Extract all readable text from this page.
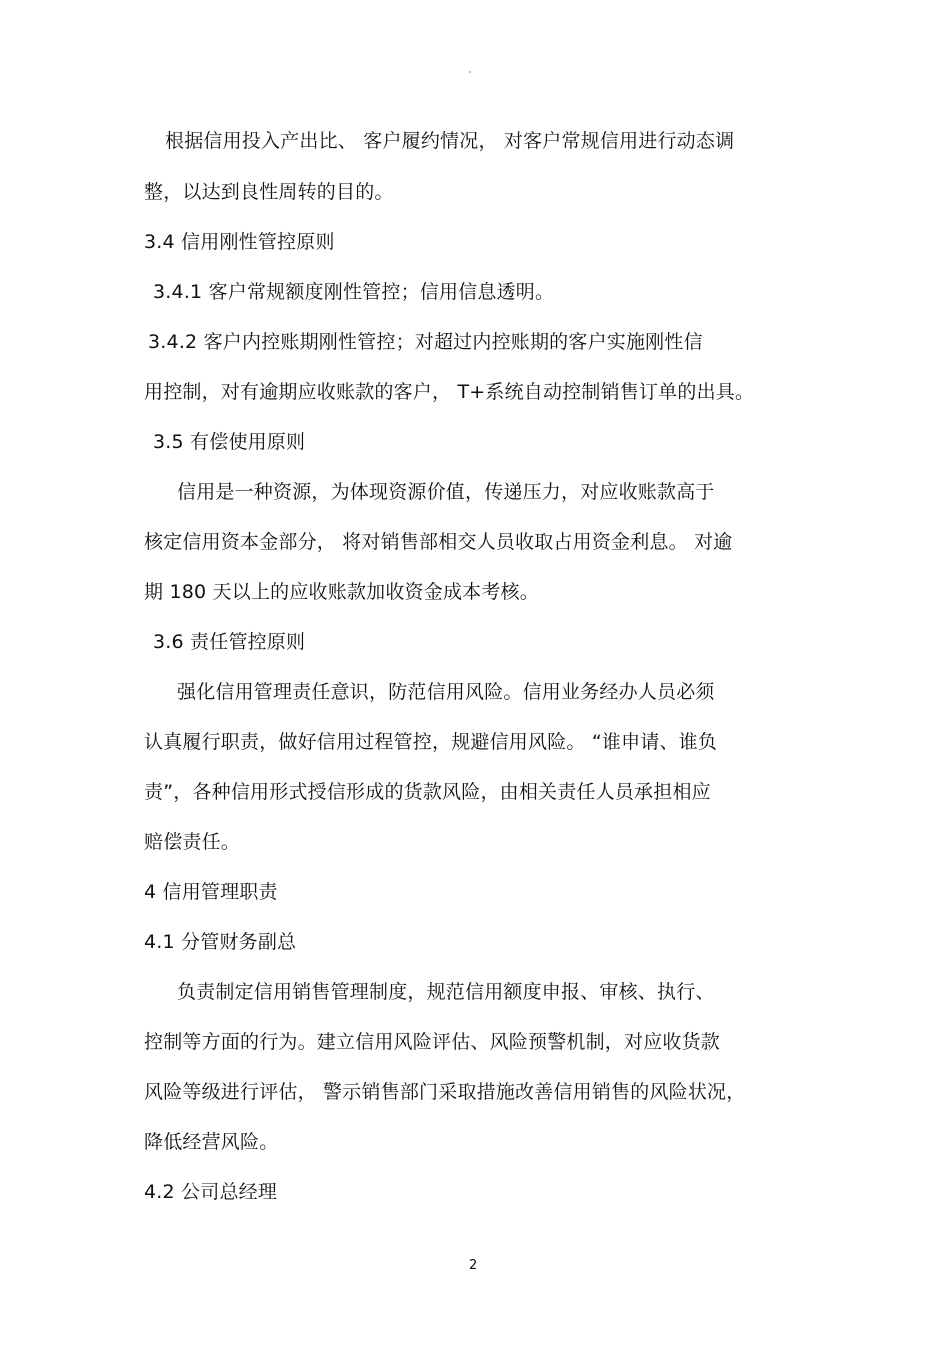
"
根据信用投入产出比、 客户履约情况， 对客户常规信用进行动态调
整，以达到良性周转的目的。
3.4 信用刚性管控原则
3.4.1 客户常规额度刚性管控；信用信息透明。
3.4.2 客户内控账期刚性管控；对超过内控账期的客户实施刚性信
用控制，对有逾期应收账款的客户， T+系统自动控制销售订单的出具。
3.5 有偿使用原则
信用是一种资源，为体现资源价值，传递压力，对应收账款高于
核定信用资本金部分， 将对销售部相交人员收取占用资金利息。 对逾
期 180 天以上的应收账款加收资金成本考核。
3.6 责任管控原则
强化信用管理责任意识，防范信用风险。信用业务经办人员必须
认真履行职责，做好信用过程管控，规避信用风险。 “谁申请、谁负
责”，各种信用形式授信形成的货款风险，由相关责任人员承担相应
赔偿责任。
4 信用管理职责
4.1 分管财务副总
负责制定信用销售管理制度，规范信用额度申报、审核、执行、
控制等方面的行为。建立信用风险评估、风险预警机制，对应收货款
风险等级进行评估， 警示销售部门采取措施改善信用销售的风险状况，
降低经营风险。
4.2 公司总经理
2
